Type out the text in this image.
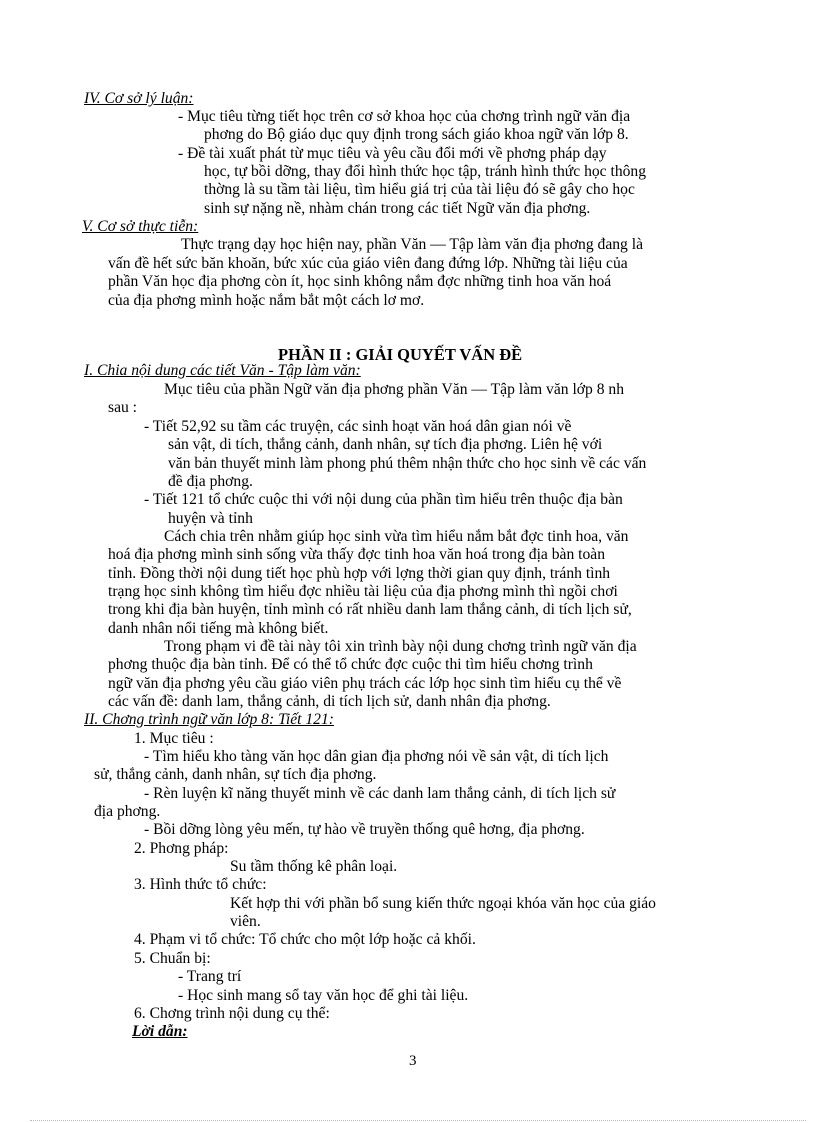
IV. Cơ sở lý luận:
- Mục tiêu từng tiết học trên cơ sở khoa học của chơng trình ngữ văn địa
phơng do Bộ giáo dục quy định trong sách giáo khoa ngữ văn lớp 8.
- Đề tài xuất phát từ mục tiêu và yêu cầu đổi mới về phơng pháp dạy
học, tự bồi dỡng, thay đổi hình thức học tập, tránh hình thức học thông
thờng là su tầm tài liệu, tìm hiểu giá trị của tài liệu đó sẽ gây cho học
sinh sự nặng nề, nhàm chán trong các tiết Ngữ văn địa phơng.
V. Cơ sở thực tiễn:
Thực trạng dạy học hiện nay, phần Văn — Tập làm văn địa phơng đang là
vấn đề hết sức băn khoăn, bức xúc của giáo viên đang đứng lớp. Những tài liệu của
phần Văn học địa phơng còn ít, học sinh không nắm đợc những tinh hoa văn hoá
của địa phơng mình hoặc nắm bắt một cách lơ mơ.
PHẦN II : GIẢI QUYẾT VẤN ĐỀ
I. Chia nội dung các tiết Văn - Tập làm văn:
Mục tiêu của phần Ngữ văn địa phơng phần Văn — Tập làm văn lớp 8 nh
sau :
- Tiết 52,92 su tầm các truyện, các sinh hoạt văn hoá dân gian nói về
sản vật, di tích, thắng cảnh, danh nhân, sự tích địa phơng. Liên hệ với
văn bản thuyết minh làm phong phú thêm nhận thức cho học sinh về các vấn
đề địa phơng.
- Tiết 121 tổ chức cuộc thi với nội dung của phần tìm hiểu trên thuộc địa bàn
huyện và tỉnh
Cách chia trên nhằm giúp học sinh vừa tìm hiểu nắm bắt đợc tinh hoa, văn
hoá địa phơng mình sinh sống vừa thấy đợc tinh hoa văn hoá trong địa bàn toàn
tỉnh. Đồng thời nội dung tiết học phù hợp với lợng thời gian quy định, tránh tình
trạng học sinh không tìm hiểu đợc nhiều tài liệu của địa phơng mình thì ngồi chơi
trong khi địa bàn huyện, tỉnh mình có rất nhiều danh lam thắng cảnh, di tích lịch sử,
danh nhân nổi tiếng mà không biết.
Trong phạm vi đề tài này tôi xin trình bày nội dung chơng trình ngữ văn địa
phơng thuộc địa bàn tỉnh. Để có thể tổ chức đợc cuộc thi tìm hiểu chơng trình
ngữ văn địa phơng yêu cầu giáo viên phụ trách các lớp học sinh tìm hiểu cụ thể về
các vấn đề: danh lam, thắng cảnh, di tích lịch sử, danh nhân địa phơng.
II. Chơng trình ngữ văn lớp 8: Tiết 121:
1. Mục tiêu :
- Tìm hiểu kho tàng văn học dân gian địa phơng nói về sản vật, di tích lịch
sử, thắng cảnh, danh nhân, sự tích địa phơng.
- Rèn luyện kĩ năng thuyết minh về các danh lam thắng cảnh, di tích lịch sử
địa phơng.
- Bồi dỡng lòng yêu mến, tự hào về truyền thống quê hơng, địa phơng.
2. Phơng pháp:
Su tầm thống kê phân loại.
3. Hình thức tổ chức:
Kết hợp thi với phần bổ sung kiến thức ngoại khóa văn học của giáo
viên.
4. Phạm vi tổ chức: Tổ chức cho một lớp hoặc cả khối.
5. Chuẩn bị:
- Trang trí
- Học sinh mang sổ tay văn học để ghi tài liệu.
6. Chơng trình nội dung cụ thể:
Lời dẫn:
3
